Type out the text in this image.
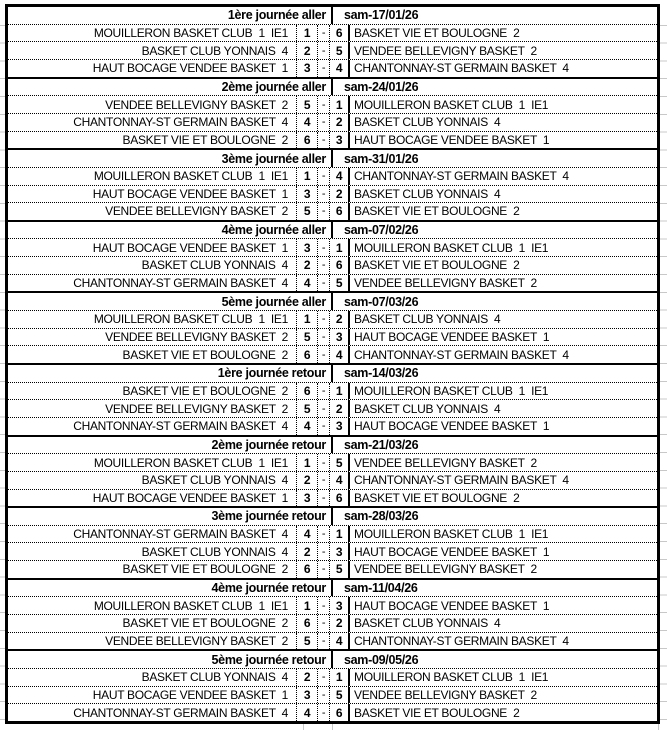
1ère journée aller	sam-17/01/26
MOUILLERON BASKET CLUB  1  IE1	1	- 6 BASKET VIE ET BOULOGNE  2
BASKET CLUB YONNAIS  4	2	- 5 VENDEE BELLEVIGNY BASKET  2
HAUT BOCAGE VENDEE BASKET  1	3	- 4 CHANTONNAY-ST GERMAIN BASKET  4
2ème journée aller	sam-24/01/26
VENDEE BELLEVIGNY BASKET  2	5	- 1 MOUILLERON BASKET CLUB  1  IE1
CHANTONNAY-ST GERMAIN BASKET  4	4	- 2 BASKET CLUB YONNAIS  4
BASKET VIE ET BOULOGNE  2	6	- 3 HAUT BOCAGE VENDEE BASKET  1
3ème journée aller	sam-31/01/26
MOUILLERON BASKET CLUB  1  IE1	1	- 4 CHANTONNAY-ST GERMAIN BASKET  4
HAUT BOCAGE VENDEE BASKET  1	3	- 2 BASKET CLUB YONNAIS  4
VENDEE BELLEVIGNY BASKET  2	5	- 6 BASKET VIE ET BOULOGNE  2
4ème journée aller	sam-07/02/26
HAUT BOCAGE VENDEE BASKET  1	3	- 1 MOUILLERON BASKET CLUB  1  IE1
BASKET CLUB YONNAIS  4	2	- 6 BASKET VIE ET BOULOGNE  2
CHANTONNAY-ST GERMAIN BASKET  4	4	- 5 VENDEE BELLEVIGNY BASKET  2
5ème journée aller	sam-07/03/26
MOUILLERON BASKET CLUB  1  IE1	1	- 2 BASKET CLUB YONNAIS  4
VENDEE BELLEVIGNY BASKET  2	5	- 3 HAUT BOCAGE VENDEE BASKET  1
BASKET VIE ET BOULOGNE  2	6	- 4 CHANTONNAY-ST GERMAIN BASKET  4
1ère journée retour	sam-14/03/26
BASKET VIE ET BOULOGNE  2	6	- 1 MOUILLERON BASKET CLUB  1  IE1
VENDEE BELLEVIGNY BASKET  2	5	- 2 BASKET CLUB YONNAIS  4
CHANTONNAY-ST GERMAIN BASKET  4	4	- 3 HAUT BOCAGE VENDEE BASKET  1
2ème journée retour	sam-21/03/26
MOUILLERON BASKET CLUB  1  IE1	1	- 5 VENDEE BELLEVIGNY BASKET  2
BASKET CLUB YONNAIS  4	2	- 4 CHANTONNAY-ST GERMAIN BASKET  4
HAUT BOCAGE VENDEE BASKET  1	3	- 6 BASKET VIE ET BOULOGNE  2
3ème journée retour	sam-28/03/26
CHANTONNAY-ST GERMAIN BASKET  4	4	- 1 MOUILLERON BASKET CLUB  1  IE1
BASKET CLUB YONNAIS  4	2	- 3 HAUT BOCAGE VENDEE BASKET  1
BASKET VIE ET BOULOGNE  2	6	- 5 VENDEE BELLEVIGNY BASKET  2
4ème journée retour	sam-11/04/26
MOUILLERON BASKET CLUB  1  IE1	1	- 3 HAUT BOCAGE VENDEE BASKET  1
BASKET VIE ET BOULOGNE  2	6	- 2 BASKET CLUB YONNAIS  4
VENDEE BELLEVIGNY BASKET  2	5	- 4 CHANTONNAY-ST GERMAIN BASKET  4
5ème journée retour	sam-09/05/26
BASKET CLUB YONNAIS  4	2	- 1 MOUILLERON BASKET CLUB  1  IE1
HAUT BOCAGE VENDEE BASKET  1	3	- 5 VENDEE BELLEVIGNY BASKET  2
CHANTONNAY-ST GERMAIN BASKET  4	4	- 6 BASKET VIE ET BOULOGNE  2
